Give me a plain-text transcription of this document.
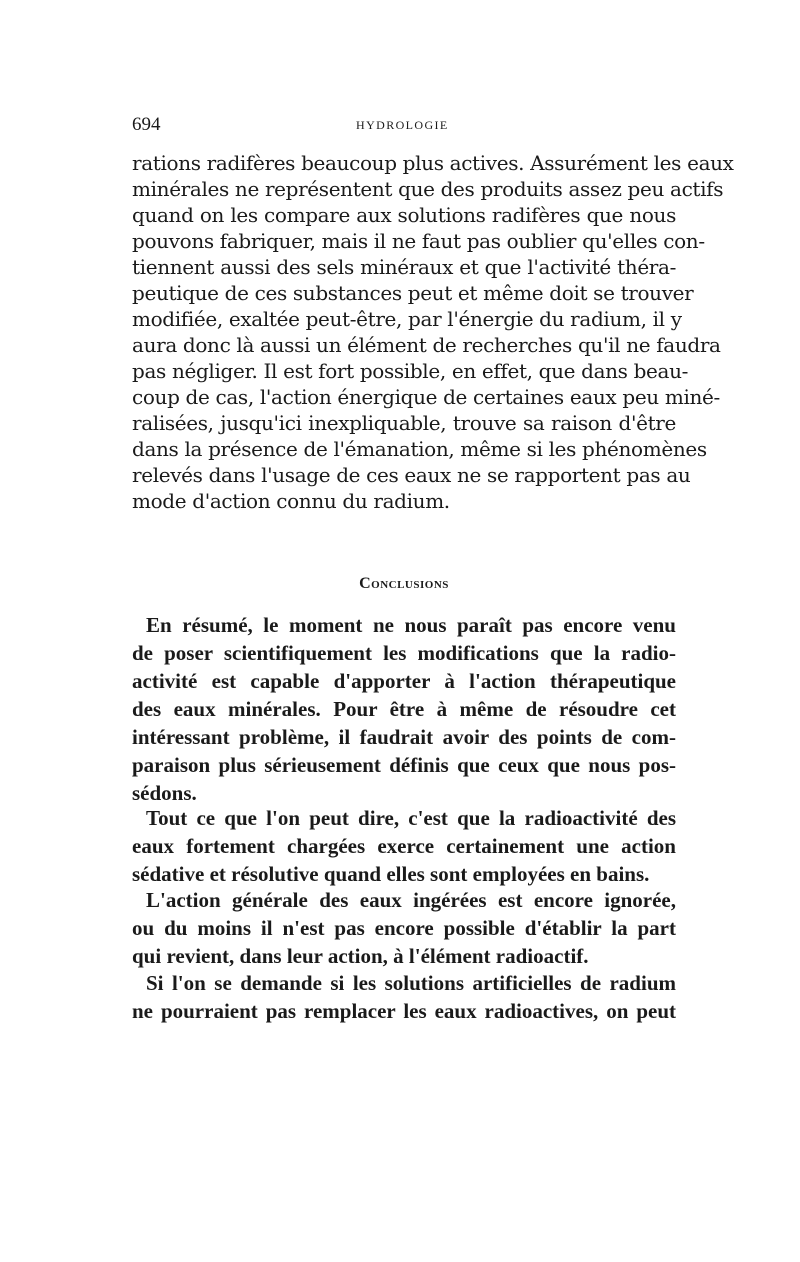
694	HYDROLOGIE

rations radifères beaucoup plus actives. Assurément les eaux

minérales ne représentent que des produits assez peu actifs

quand on les compare aux solutions radifères que nous

pouvons fabriquer, mais il ne faut pas oublier qu'elles con-

tiennent aussi des sels minéraux et que l'activité théra-

peutique de ces substances peut et même doit se trouver

modifiée, exaltée peut-être, par l'énergie du radium, il y

aura donc là aussi un élément de recherches qu'il ne faudra

pas négliger. Il est fort possible, en effet, que dans beau-

coup de cas, l'action énergique de certaines eaux peu miné-

ralisées, jusqu'ici inexpliquable, trouve sa raison d'être

dans la présence de l'émanation, même si les phénomènes

relevés dans l'usage de ces eaux ne se rapportent pas au

mode d'action connu du radium.

Conclusions

En résumé, le moment ne nous paraît pas encore venu

de poser scientifiquement les modifications que la radio-

activité est capable d'apporter à l'action thérapeutique

des eaux minérales. Pour être à même de résoudre cet

intéressant problème, il faudrait avoir des points de com-

paraison plus sérieusement définis que ceux que nous pos-

sédons.

Tout ce que l'on peut dire, c'est que la radioactivité des

eaux fortement chargées exerce certainement une action

sédative et résolutive quand elles sont employées en bains.

L'action générale des eaux ingérées est encore ignorée,

ou du moins il n'est pas encore possible d'établir la part

qui revient, dans leur action, à l'élément radioactif.

Si l'on se demande si les solutions artificielles de radium

ne pourraient pas remplacer les eaux radioactives, on peut
